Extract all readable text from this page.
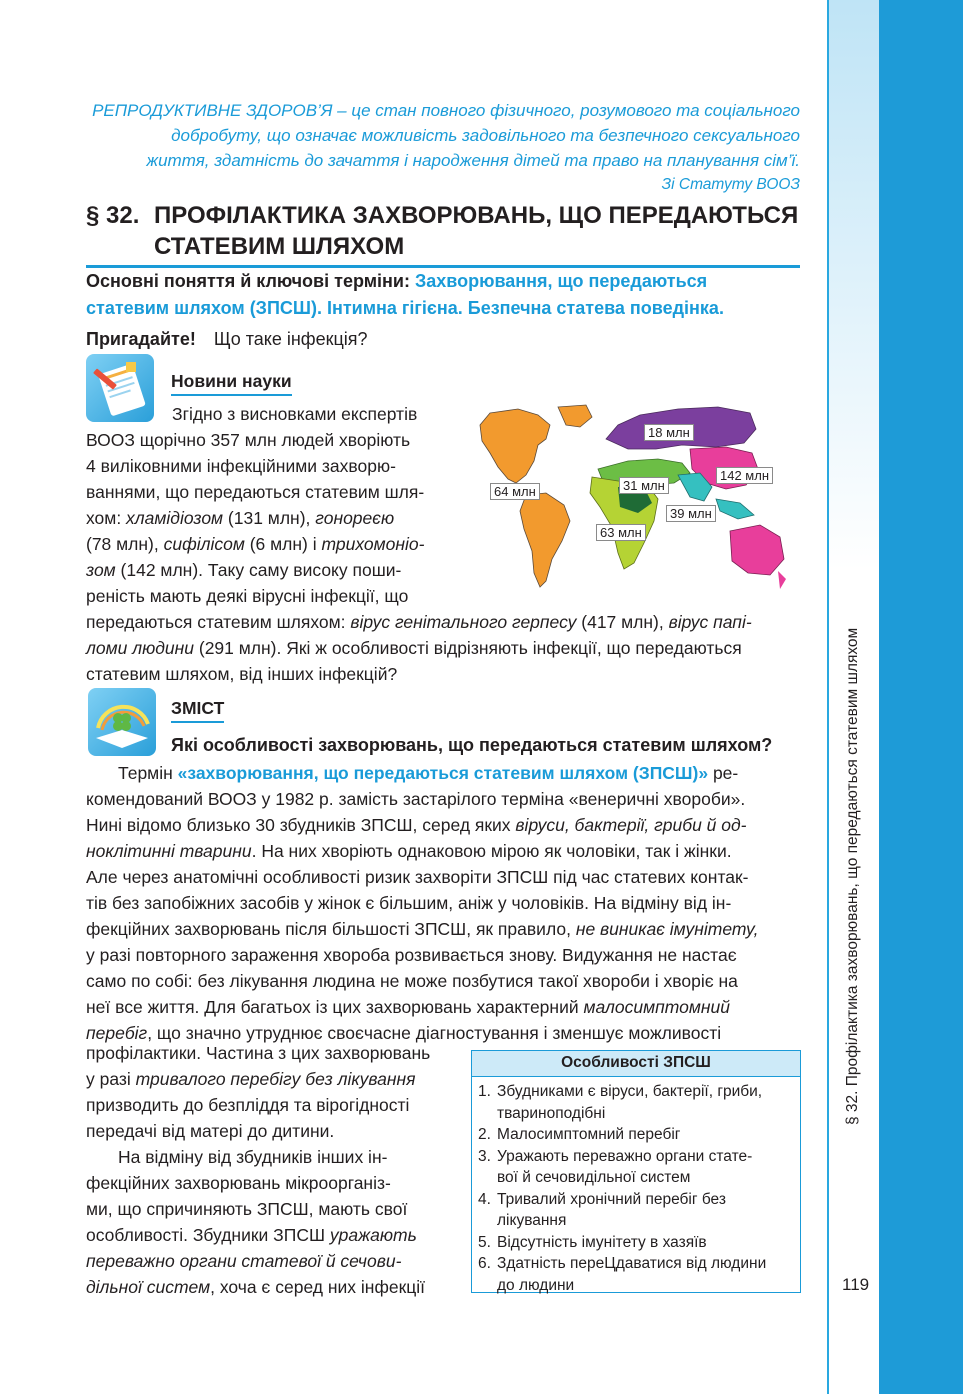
§ 32. Профілактика захворювань, що передаються статевим шляхом
119
РЕПРОДУКТИВНЕ ЗДОРОВ’Я – це стан повного фізичного, розумового та соціального
добробуту, що означає можливість задовільного та безпечного сексуального
життя, здатність до зачаття і народження дітей та право на планування сім’ї.
Зі Статуту ВООЗ
§ 32. ПРОФІЛАКТИКА ЗАХВОРЮВАНЬ, ЩО ПЕРЕДАЮТЬСЯ
СТАТЕВИМ ШЛЯХОМ
Основні поняття й ключові терміни: Захворювання, що передаються
статевим шляхом (ЗПСШ). Інтимна гігієна. Безпечна статева поведінка.
Пригадайте! Що таке інфекція?
Новини науки
Згідно з висновками експертів
ВООЗ щорічно 357 млн людей хворіють
4 виліковними інфекційними захворю-
ваннями, що передаються статевим шля-
хом: хламідіозом (131 млн), гонореєю
(78 млн), сифілісом (6 млн) і трихомоніо-
зом (142 млн). Таку саму високу поши-
реність мають деякі вірусні інфекції, що
передаються статевим шляхом: вірус генітального герпесу (417 млн), вірус папі-
ломи людини (291 млн). Які ж особливості відрізняють інфекції, що передаються
статевим шляхом, від інших інфекцій?
64 млн
18 млн
31 млн
63 млн
142 млн
39 млн
ЗМІСТ
Які особливості захворювань, що передаються статевим шляхом?
Термін «захворювання, що передаються статевим шляхом (ЗПСШ)» ре-
комендований ВООЗ у 1982 р. замість застарілого терміна «венеричні хвороби».
Нині відомо близько 30 збудників ЗПСШ, серед яких віруси, бактерії, гриби й од-
ноклітинні тварини. На них хворіють однаковою мірою як чоловіки, так і жінки.
Але через анатомічні особливості ризик захворіти ЗПСШ під час статевих контак-
тів без запобіжних засобів у жінок є більшим, аніж у чоловіків. На відміну від ін-
фекційних захворювань після більшості ЗПСШ, як правило, не виникає імунітету,
у разі повторного зараження хвороба розвивається знову. Видужання не настає
само по собі: без лікування людина не може позбутися такої хвороби і хворіє на
неї все життя. Для багатьох із цих захворювань характерний малосимптомний
перебіг, що значно утруднює своєчасне діагностування і зменшує можливості
профілактики. Частина з цих захворювань
у разі тривалого перебігу без лікування
призводить до безпліддя та вірогідності
передачі від матері до дитини.
На відміну від збудників інших ін-
фекційних захворювань мікроорганіз-
ми, що спричиняють ЗПСШ, мають свої
особливості. Збудники ЗПСШ уражають
переважно органи статевої й сечови-
дільної систем, хоча є серед них інфекції
Особливості ЗПСШ
1. Збудниками є віруси, бактерії, гриби,
твариноподібні
2. Малосимптомний перебіг
3. Уражають переважно органи стате-
вої й сечовидільної систем
4. Тривалий хронічний перебіг без
лікування
5. Відсутність імунітету в хазяїв
6. Здатність переЦдаватися від людини
до людини
